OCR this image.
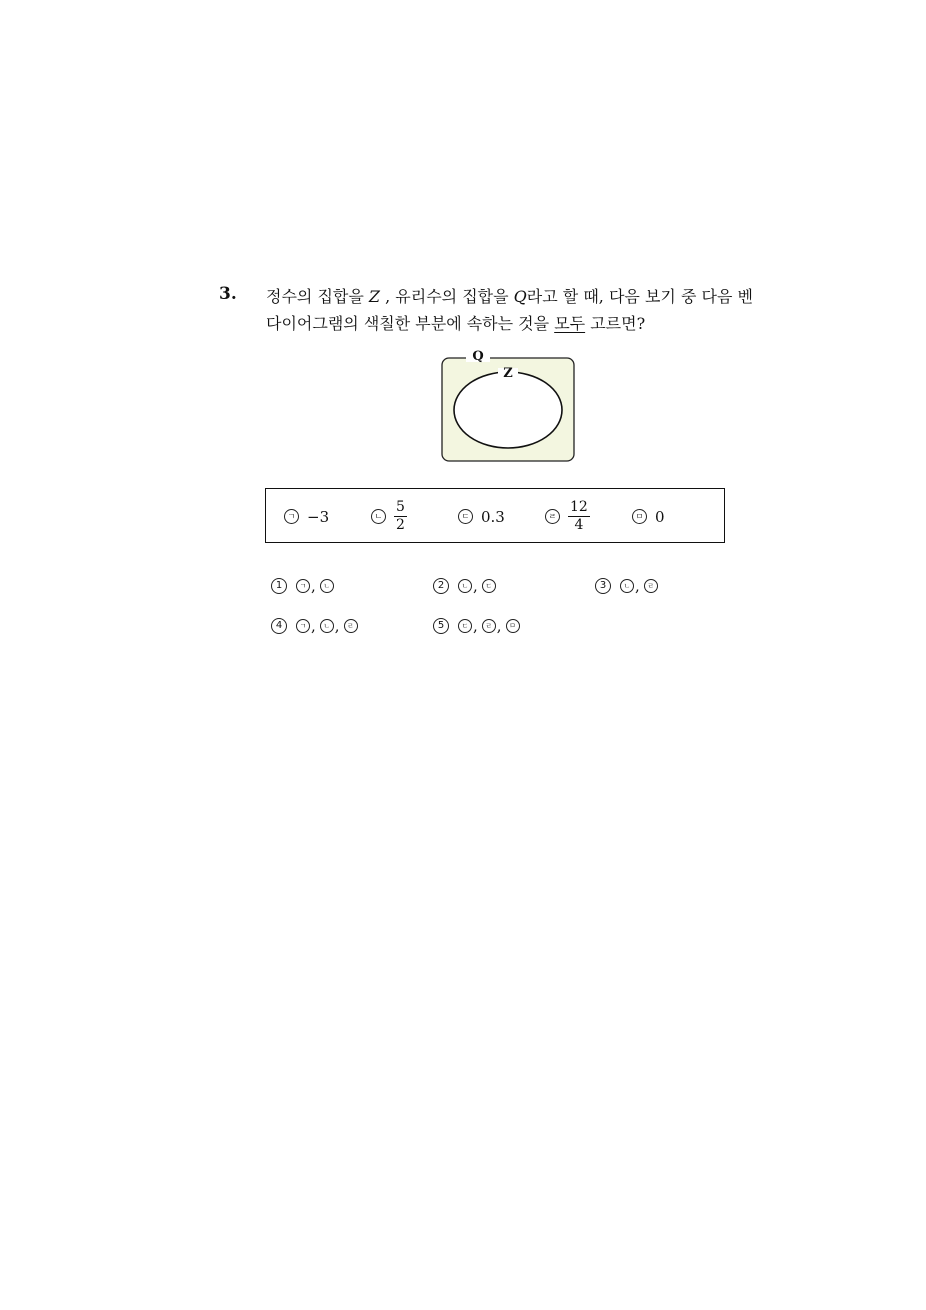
3. 정수의 집합을 Z , 유리수의 집합을 Q라고 할 때, 다음 보기 중 다음 벤 다이어그램의 색칠한 부분에 속하는 것을 모두 고르면?
Q
Z
ㄱ −3	ㄴ $\frac{5}{2}$	ㄷ 0.3	ㄹ $\frac{12}{4}$	ㅁ 0
1	ㄱ ,	ㄴ	2	ㄴ ,	ㄷ	3	ㄴ ,	ㄹ
4	ㄱ ,	ㄴ ,	ㄹ	5	ㄷ ,	ㄹ ,	ㅁ
